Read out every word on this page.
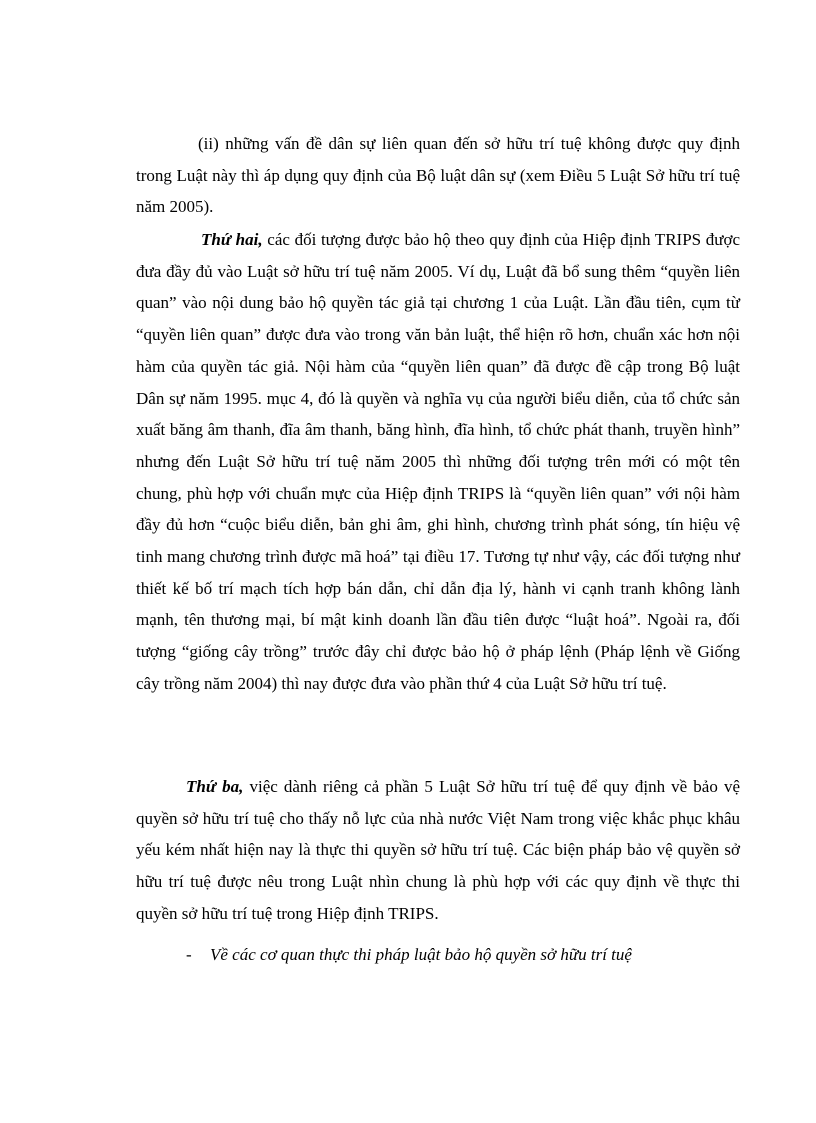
(ii) những vấn đề dân sự liên quan đến sở hữu trí tuệ không được quy định trong Luật này thì áp dụng quy định của Bộ luật dân sự (xem Điều 5 Luật Sở hữu trí tuệ năm 2005).

Thứ hai, các đối tượng được bảo hộ theo quy định của Hiệp định TRIPS được đưa đầy đủ vào Luật sở hữu trí tuệ năm 2005. Ví dụ, Luật đã bổ sung thêm “quyền liên quan” vào nội dung bảo hộ quyền tác giả tại chương 1 của Luật. Lần đầu tiên, cụm từ “quyền liên quan” được đưa vào trong văn bản luật, thể hiện rõ hơn, chuẩn xác hơn nội hàm của quyền tác giả. Nội hàm của “quyền liên quan” đã được đề cập trong Bộ luật Dân sự năm 1995. mục 4, đó là quyền và nghĩa vụ của người biểu diễn, của tổ chức sản xuất băng âm thanh, đĩa âm thanh, băng hình, đĩa hình, tổ chức phát thanh, truyền hình” nhưng đến Luật Sở hữu trí tuệ năm 2005 thì những đối tượng trên mới có một tên chung, phù hợp với chuẩn mực của Hiệp định TRIPS là “quyền liên quan” với nội hàm đầy đủ hơn “cuộc biểu diễn, bản ghi âm, ghi hình, chương trình phát sóng, tín hiệu vệ tinh mang chương trình được mã hoá” tại điều 17. Tương tự như vậy, các đối tượng như thiết kế bố trí mạch tích hợp bán dẫn, chỉ dẫn địa lý, hành vi cạnh tranh không lành mạnh, tên thương mại, bí mật kinh doanh lần đầu tiên được “luật hoá”. Ngoài ra, đối tượng “giống cây trồng” trước đây chỉ được bảo hộ ở pháp lệnh (Pháp lệnh về Giống cây trồng năm 2004) thì nay được đưa vào phần thứ 4 của Luật Sở hữu trí tuệ.

Thứ ba, việc dành riêng cả phần 5 Luật Sở hữu trí tuệ để quy định về bảo vệ quyền sở hữu trí tuệ cho thấy nỗ lực của nhà nước Việt Nam trong việc khắc phục khâu yếu kém nhất hiện nay là thực thi quyền sở hữu trí tuệ. Các biện pháp bảo vệ quyền sở hữu trí tuệ được nêu trong Luật nhìn chung là phù hợp với các quy định về thực thi quyền sở hữu trí tuệ trong Hiệp định TRIPS.

- Về các cơ quan thực thi pháp luật bảo hộ quyền sở hữu trí tuệ
